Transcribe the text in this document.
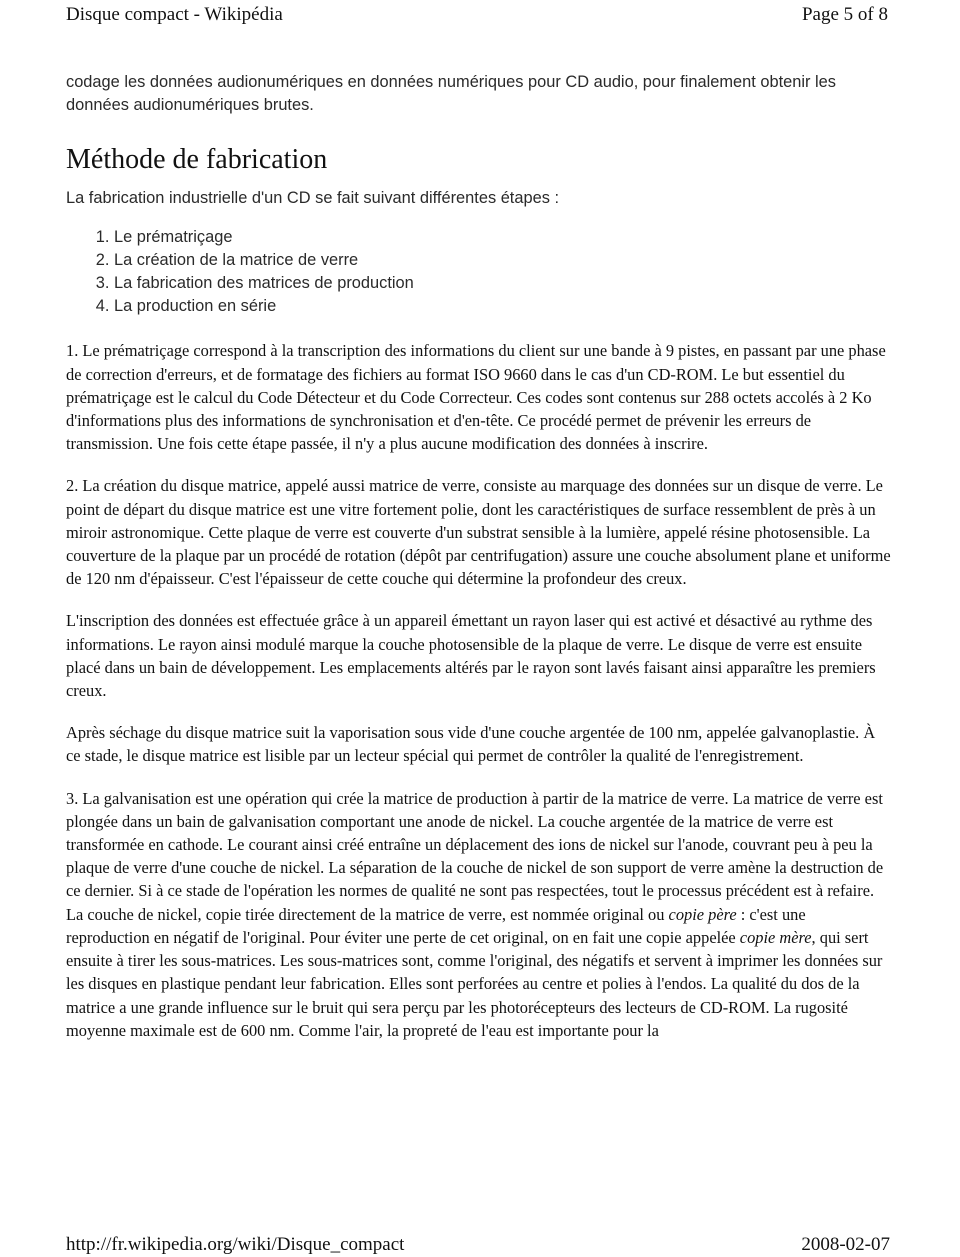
Disque compact - Wikipédia	Page 5 of 8

codage les données audionumériques en données numériques pour CD audio, pour finalement obtenir les données audionumériques brutes.

Méthode de fabrication

La fabrication industrielle d'un CD se fait suivant différentes étapes :

1. Le prématriçage
2. La création de la matrice de verre
3. La fabrication des matrices de production
4. La production en série

1. Le prématriçage correspond à la transcription des informations du client sur une bande à 9 pistes, en passant par une phase de correction d'erreurs, et de formatage des fichiers au format ISO 9660 dans le cas d'un CD-ROM. Le but essentiel du prématriçage est le calcul du Code Détecteur et du Code Correcteur. Ces codes sont contenus sur 288 octets accolés à 2 Ko d'informations plus des informations de synchronisation et d'en-tête. Ce procédé permet de prévenir les erreurs de transmission. Une fois cette étape passée, il n'y a plus aucune modification des données à inscrire.

2. La création du disque matrice, appelé aussi matrice de verre, consiste au marquage des données sur un disque de verre. Le point de départ du disque matrice est une vitre fortement polie, dont les caractéristiques de surface ressemblent de près à un miroir astronomique. Cette plaque de verre est couverte d'un substrat sensible à la lumière, appelé résine photosensible. La couverture de la plaque par un procédé de rotation (dépôt par centrifugation) assure une couche absolument plane et uniforme de 120 nm d'épaisseur. C'est l'épaisseur de cette couche qui détermine la profondeur des creux.

L'inscription des données est effectuée grâce à un appareil émettant un rayon laser qui est activé et désactivé au rythme des informations. Le rayon ainsi modulé marque la couche photosensible de la plaque de verre. Le disque de verre est ensuite placé dans un bain de développement. Les emplacements altérés par le rayon sont lavés faisant ainsi apparaître les premiers creux.

Après séchage du disque matrice suit la vaporisation sous vide d'une couche argentée de 100 nm, appelée galvanoplastie. À ce stade, le disque matrice est lisible par un lecteur spécial qui permet de contrôler la qualité de l'enregistrement.

3. La galvanisation est une opération qui crée la matrice de production à partir de la matrice de verre. La matrice de verre est plongée dans un bain de galvanisation comportant une anode de nickel. La couche argentée de la matrice de verre est transformée en cathode. Le courant ainsi créé entraîne un déplacement des ions de nickel sur l'anode, couvrant peu à peu la plaque de verre d'une couche de nickel. La séparation de la couche de nickel de son support de verre amène la destruction de ce dernier. Si à ce stade de l'opération les normes de qualité ne sont pas respectées, tout le processus précédent est à refaire. La couche de nickel, copie tirée directement de la matrice de verre, est nommée original ou copie père : c'est une reproduction en négatif de l'original. Pour éviter une perte de cet original, on en fait une copie appelée copie mère, qui sert ensuite à tirer les sous-matrices. Les sous-matrices sont, comme l'original, des négatifs et servent à imprimer les données sur les disques en plastique pendant leur fabrication. Elles sont perforées au centre et polies à l'endos. La qualité du dos de la matrice a une grande influence sur le bruit qui sera perçu par les photorécepteurs des lecteurs de CD-ROM. La rugosité moyenne maximale est de 600 nm. Comme l'air, la propreté de l'eau est importante pour la

http://fr.wikipedia.org/wiki/Disque_compact	2008-02-07
